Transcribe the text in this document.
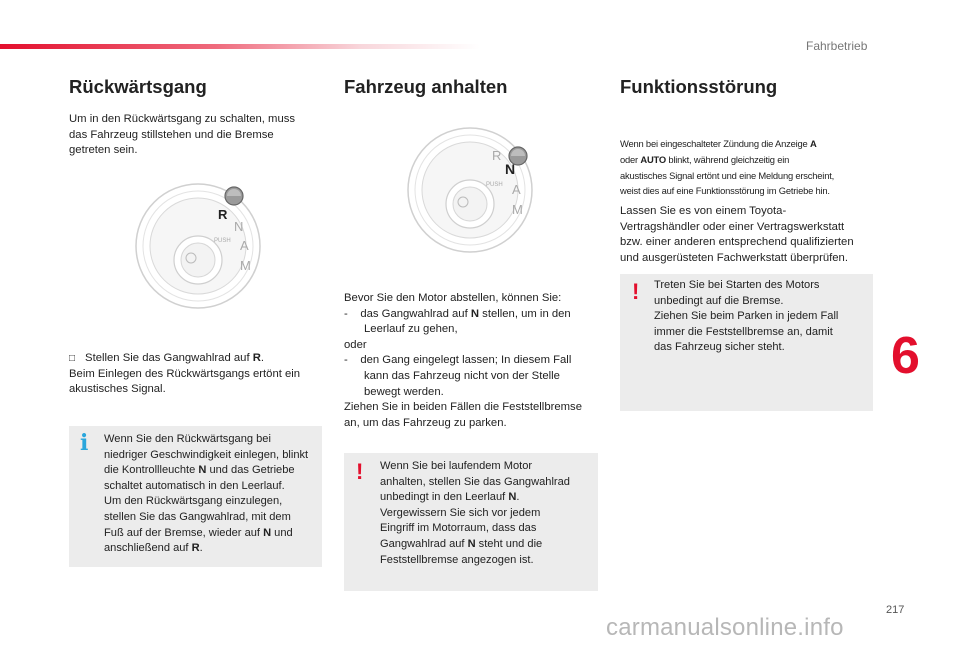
Fahrbetrieb
Rückwärtsgang
Um in den Rückwärtsgang zu schalten, muss
das Fahrzeug stillstehen und die Bremse
getreten sein.
PUSH
R
N
A
M
□ Stellen Sie das Gangwahlrad auf R.
Beim Einlegen des Rückwärtsgangs ertönt ein
akustisches Signal.
i Wenn Sie den Rückwärtsgang bei
niedriger Geschwindigkeit einlegen, blinkt
die Kontrollleuchte N und das Getriebe
schaltet automatisch in den Leerlauf.
Um den Rückwärtsgang einzulegen,
stellen Sie das Gangwahlrad, mit dem
Fuß auf der Bremse, wieder auf N und
anschließend auf R.
Fahrzeug anhalten
PUSH
R
N
A
M
Bevor Sie den Motor abstellen, können Sie:
-    das Gangwahlrad auf N stellen, um in den
Leerlauf zu gehen,
oder
-    den Gang eingelegt lassen; In diesem Fall
kann das Fahrzeug nicht von der Stelle
bewegt werden.
Ziehen Sie in beiden Fällen die Feststellbremse
an, um das Fahrzeug zu parken.
! Wenn Sie bei laufendem Motor
anhalten, stellen Sie das Gangwahlrad
unbedingt in den Leerlauf N.
Vergewissern Sie sich vor jedem
Eingriff im Motorraum, dass das
Gangwahlrad auf N steht und die
Feststellbremse angezogen ist.
Funktionsstörung
Wenn bei eingeschalteter Zündung die Anzeige A
oder AUTO blinkt, während gleichzeitig ein
akustisches Signal ertönt und eine Meldung erscheint,
weist dies auf eine Funktionsstörung im Getriebe hin.
Lassen Sie es von einem Toyota-
Vertragshändler oder einer Vertragswerkstatt
bzw. einer anderen entsprechend qualifizierten
und ausgerüsteten Fachwerkstatt überprüfen.
! Treten Sie bei Starten des Motors
unbedingt auf die Bremse.
Ziehen Sie beim Parken in jedem Fall
immer die Feststellbremse an, damit
das Fahrzeug sicher steht.	6
217
carmanualsonline.info
